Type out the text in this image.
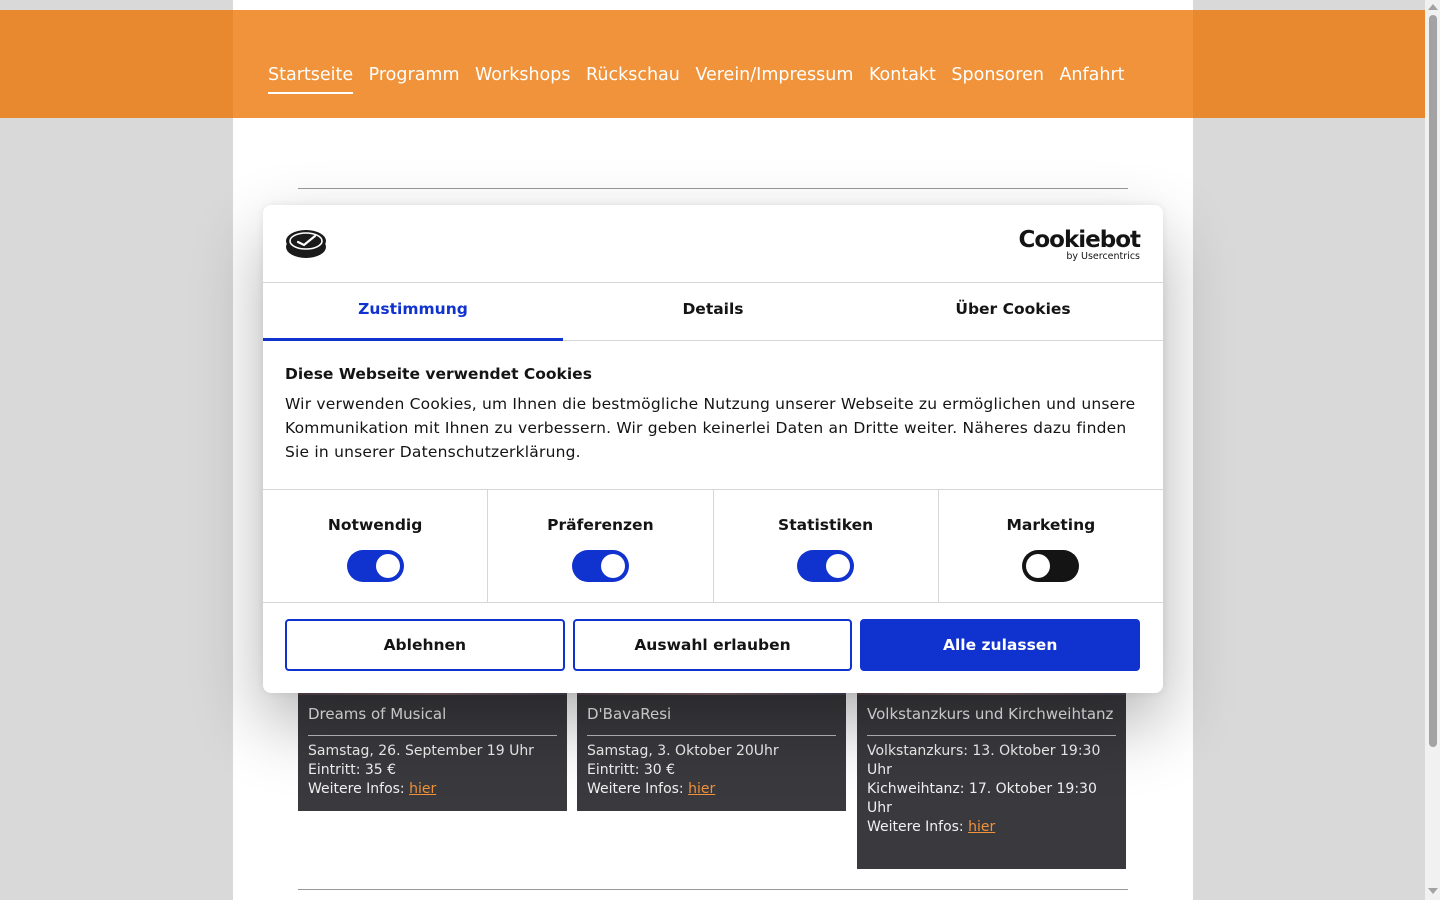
Startseite Programm Workshops Rückschau Verein/Impressum Kontakt Sponsoren Anfahrt
Dreams of Musical
Samstag, 26. September 19 Uhr
Eintritt: 35 €
Weitere Infos: hier
D'BavaResi
Samstag, 3. Oktober 20Uhr
Eintritt: 30 €
Weitere Infos: hier
Volkstanzkurs und Kirchweihtanz
Volkstanzkurs: 13. Oktober 19:30 Uhr
Kichweihtanz: 17. Oktober 19:30 Uhr
Weitere Infos: hier
Cookiebot
by Usercentrics
Zustimmung	Details	Über Cookies
Diese Webseite verwendet Cookies
Wir verwenden Cookies, um Ihnen die bestmögliche Nutzung unserer Webseite zu ermöglichen und unsere Kommunikation mit Ihnen zu verbessern. Wir geben keinerlei Daten an Dritte weiter. Näheres dazu finden Sie in unserer Datenschutzerklärung.
Notwendig	Präferenzen	Statistiken	Marketing
Ablehnen	Auswahl erlauben	Alle zulassen
